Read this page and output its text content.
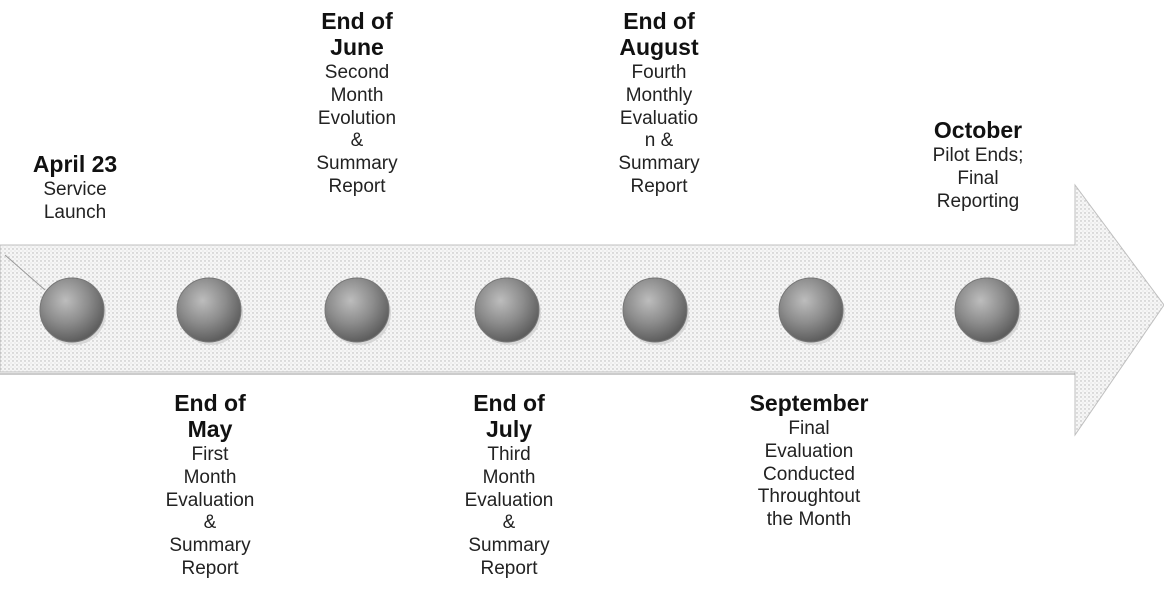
April 23
Service
Launch
End of
June
Second
Month
Evolution
&
Summary
Report
End of
August
Fourth
Monthly
Evaluatio
n &
Summary
Report
October
Pilot Ends;
Final
Reporting
End of
May
First
Month
Evaluation
&
Summary
Report
End of
July
Third
Month
Evaluation
&
Summary
Report
September
Final
Evaluation
Conducted
Throughtout
the Month
